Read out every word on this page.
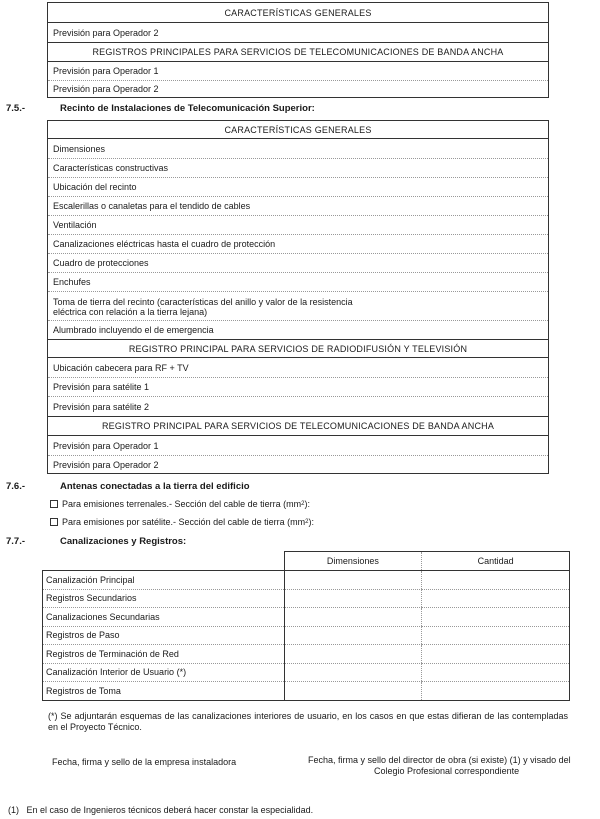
CARACTERÍSTICAS GENERALES
Previsión para Operador 2
REGISTROS PRINCIPALES PARA SERVICIOS DE TELECOMUNICACIONES DE BANDA ANCHA
Previsión para Operador 1
Previsión para Operador 2
7.5.-	Recinto de Instalaciones de Telecomunicación Superior:
CARACTERÍSTICAS GENERALES
Dimensiones
Características constructivas
Ubicación del recinto
Escalerillas o canaletas para el tendido de cables
Ventilación
Canalizaciones eléctricas hasta el cuadro de protección
Cuadro de protecciones
Enchufes
Toma de tierra del recinto (características del anillo y valor de la resistencia
eléctrica con relación a la tierra lejana)
Alumbrado incluyendo el de emergencia
REGISTRO PRINCIPAL PARA SERVICIOS DE RADIODIFUSIÓN Y TELEVISIÓN
Ubicación cabecera para RF + TV
Previsión para satélite 1
Previsión para satélite 2
REGISTRO PRINCIPAL PARA SERVICIOS DE TELECOMUNICACIONES DE BANDA ANCHA
Previsión para Operador 1
Previsión para Operador 2
7.6.-	Antenas conectadas a la tierra del edificio
Para emisiones terrenales.- Sección del cable de tierra (mm 2 ):
Para emisiones por satélite.- Sección del cable de tierra (mm 2 ):
7.7.-	Canalizaciones y Registros:
	Dimensiones	Cantidad
Canalización Principal		
Registros Secundarios		
Canalizaciones Secundarias		
Registros de Paso		
Registros de Terminación de Red		
Canalización Interior de Usuario (*)		
Registros de Toma		
(*) Se adjuntarán esquemas de las canalizaciones interiores de usuario, en los casos en que estas difieran de las contempladas en el Proyecto Técnico.
Fecha, firma y sello de la empresa instaladora	Fecha, firma y sello del director de obra (si existe) (1) y visado del
Colegio Profesional correspondiente
(1)   En el caso de Ingenieros técnicos deberá hacer constar la especialidad.
